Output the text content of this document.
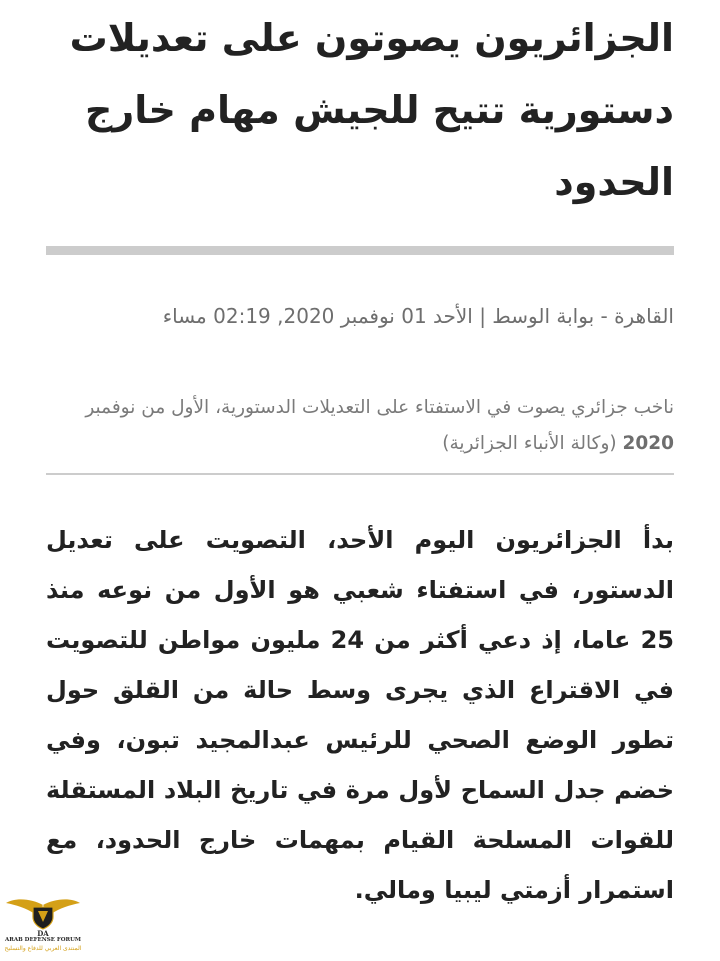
الجزائريون يصوتون على تعديلات دستورية تتيح للجيش مهام خارج الحدود
القاهرة - بوابة الوسط | الأحد 01 نوفمبر 2020, 02:19 مساء
ناخب جزائري يصوت في الاستفتاء على التعديلات الدستورية، الأول من نوفمبر 2020 (وكالة الأنباء الجزائرية)

بدأ الجزائريون اليوم الأحد، التصويت على تعديل الدستور، في استفتاء شعبي هو الأول من نوعه منذ 25 عاما، إذ دعي أكثر من 24 مليون مواطن للتصويت في الاقتراع الذي يجرى وسط حالة من القلق حول تطور الوضع الصحي للرئيس عبدالمجيد تبون، وفي خضم جدل السماح لأول مرة في تاريخ البلاد المستقلة للقوات المسلحة القيام بمهمات خارج الحدود، مع استمرار أزمتي ليبيا ومالي.

DA
ARAB DEFENSE FORUM
المنتدى العربي للدفاع والتسليح
